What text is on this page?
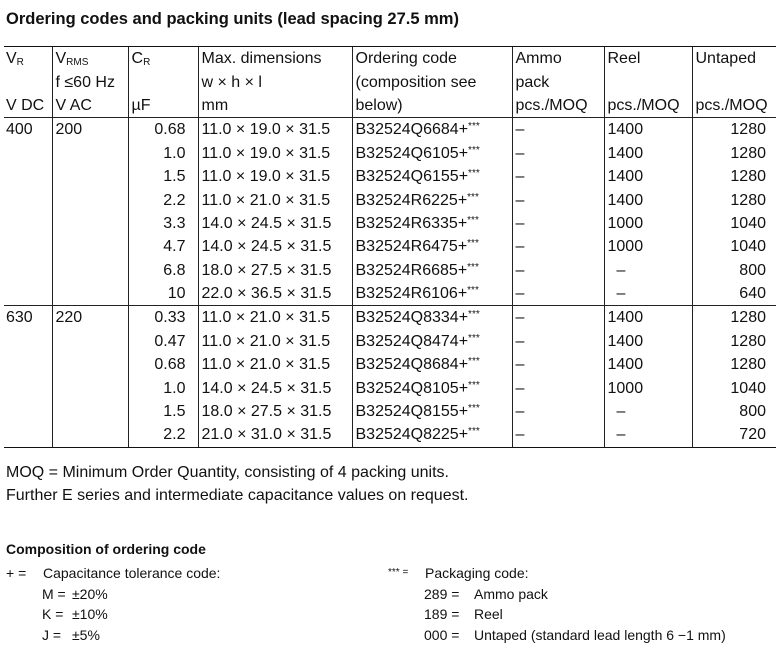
Ordering codes and packing units (lead spacing 27.5 mm)
$V_R$	$V_{RMS}$	$C_R$	Max. dimensions	Ordering code	Ammo	Reel	Untaped
	f ≤60 Hz		w × h × l	(composition see	pack		
V DC	V AC	µF	mm	below)	pcs./MOQ	pcs./MOQ	pcs./MOQ
400	200	0.68	11.0 × 19.0 × 31.5	B32524Q6684+***	–	1400	1280
		1.0	11.0 × 19.0 × 31.5	B32524Q6105+***	–	1400	1280
		1.5	11.0 × 19.0 × 31.5	B32524Q6155+***	–	1400	1280
		2.2	11.0 × 21.0 × 31.5	B32524R6225+***	–	1400	1280
		3.3	14.0 × 24.5 × 31.5	B32524R6335+***	–	1000	1040
		4.7	14.0 × 24.5 × 31.5	B32524R6475+***	–	1000	1040
		6.8	18.0 × 27.5 × 31.5	B32524R6685+***	–	–	800
		10	22.0 × 36.5 × 31.5	B32524R6106+***	–	–	640
630	220	0.33	11.0 × 21.0 × 31.5	B32524Q8334+***	–	1400	1280
		0.47	11.0 × 21.0 × 31.5	B32524Q8474+***	–	1400	1280
		0.68	11.0 × 21.0 × 31.5	B32524Q8684+***	–	1400	1280
		1.0	14.0 × 24.5 × 31.5	B32524Q8105+***	–	1000	1040
		1.5	18.0 × 27.5 × 31.5	B32524Q8155+***	–	–	800
		2.2	21.0 × 31.0 × 31.5	B32524Q8225+***	–	–	720
MOQ = Minimum Order Quantity, consisting of 4 packing units.
Further E series and intermediate capacitance values on request.
Composition of ordering code
+ = Capacitance tolerance code:
M = ±20%
K = ±10%
J = ±5%
*** = Packaging code:
289 = Ammo pack
189 = Reel
000 = Untaped (standard lead length 6 −1 mm)
